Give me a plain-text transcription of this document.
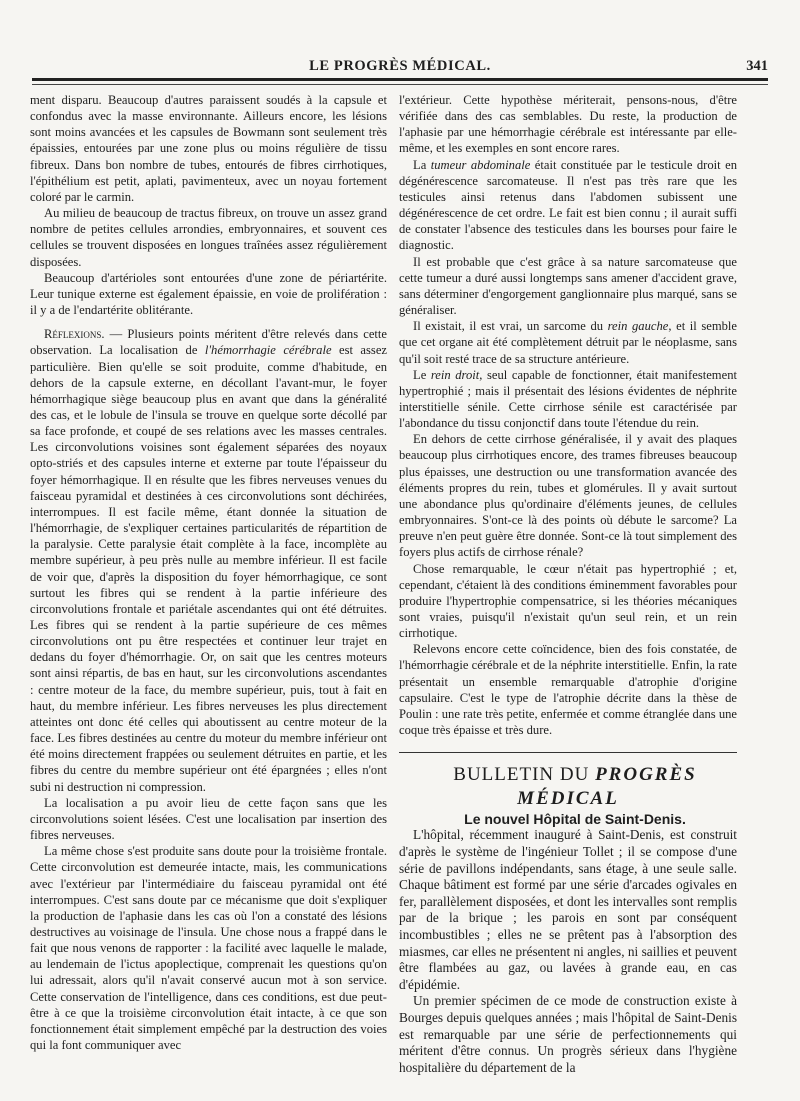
LE PROGRÈS MÉDICAL.	341

ment disparu. Beaucoup d'autres paraissent soudés à la capsule et confondus avec la masse environnante. Ailleurs encore, les lésions sont moins avancées et les capsules de Bowmann sont seulement très épaissies, entourées par une zone plus ou moins régulière de tissu fibreux. Dans bon nombre de tubes, entourés de fibres cirrhotiques, l'épithélium est petit, aplati, pavimenteux, avec un noyau fortement coloré par le carmin.

Au milieu de beaucoup de tractus fibreux, on trouve un assez grand nombre de petites cellules arrondies, embryonnaires, et souvent ces cellules se trouvent disposées en longues traînées assez régulièrement disposées.

Beaucoup d'artérioles sont entourées d'une zone de périartérite. Leur tunique externe est également épaissie, en voie de prolifération : il y a de l'endartérite oblitérante.

Réflexions. — Plusieurs points méritent d'être relevés dans cette observation. La localisation de l'hémorrhagie cérébrale est assez particulière. Bien qu'elle se soit produite, comme d'habitude, en dehors de la capsule externe, en décollant l'avant-mur, le foyer hémorrhagique siège beaucoup plus en avant que dans la généralité des cas, et le lobule de l'insula se trouve en quelque sorte décollé par sa face profonde, et coupé de ses relations avec les masses centrales. Les circonvolutions voisines sont également séparées des noyaux opto-striés et des capsules interne et externe par toute l'épaisseur du foyer hémorrhagique. Il en résulte que les fibres nerveuses venues du faisceau pyramidal et destinées à ces circonvolutions sont déchirées, interrompues. Il est facile même, étant donnée la situation de l'hémorrhagie, de s'expliquer certaines particularités de répartition de la paralysie. Cette paralysie était complète à la face, incomplète au membre supérieur, à peu près nulle au membre inférieur. Il est facile de voir que, d'après la disposition du foyer hémorrhagique, ce sont surtout les fibres qui se rendent à la partie inférieure des circonvolutions frontale et pariétale ascendantes qui ont été détruites. Les fibres qui se rendent à la partie supérieure de ces mêmes circonvolutions ont pu être respectées et continuer leur trajet en dedans du foyer d'hémorrhagie. Or, on sait que les centres moteurs sont ainsi répartis, de bas en haut, sur les circonvolutions ascendantes : centre moteur de la face, du membre supérieur, puis, tout à fait en haut, du membre inférieur. Les fibres nerveuses les plus directement atteintes ont donc été celles qui aboutissent au centre moteur de la face. Les fibres destinées au centre du moteur du membre inférieur ont été moins directement frappées ou seulement détruites en partie, et les fibres du centre du membre supérieur ont été épargnées ; elles n'ont subi ni destruction ni compression.

La localisation a pu avoir lieu de cette façon sans que les circonvolutions soient lésées. C'est une localisation par insertion des fibres nerveuses.

La même chose s'est produite sans doute pour la troisième frontale. Cette circonvolution est demeurée intacte, mais, les communications avec l'extérieur par l'intermédiaire du faisceau pyramidal ont été interrompues. C'est sans doute par ce mécanisme que doit s'expliquer la production de l'aphasie dans les cas où l'on a constaté des lésions destructives au voisinage de l'insula. Une chose nous a frappé dans le fait que nous venons de rapporter : la facilité avec laquelle le malade, au lendemain de l'ictus apoplectique, comprenait les questions qu'on lui adressait, alors qu'il n'avait conservé aucun mot à son service. Cette conservation de l'intelligence, dans ces conditions, est due peut-être à ce que la troisième circonvolution était intacte, à ce que son fonctionnement était simplement empêché par la destruction des voies qui la font communiquer avec

l'extérieur. Cette hypothèse mériterait, pensons-nous, d'être vérifiée dans des cas semblables. Du reste, la production de l'aphasie par une hémorrhagie cérébrale est intéressante par elle-même, et les exemples en sont encore rares.

La tumeur abdominale était constituée par le testicule droit en dégénérescence sarcomateuse. Il n'est pas très rare que les testicules ainsi retenus dans l'abdomen subissent une dégénérescence de cet ordre. Le fait est bien connu ; il aurait suffi de constater l'absence des testicules dans les bourses pour faire le diagnostic.

Il est probable que c'est grâce à sa nature sarcomateuse que cette tumeur a duré aussi longtemps sans amener d'accident grave, sans déterminer d'engorgement ganglionnaire plus marqué, sans se généraliser.

Il existait, il est vrai, un sarcome du rein gauche, et il semble que cet organe ait été complètement détruit par le néoplasme, sans qu'il soit resté trace de sa structure antérieure.

Le rein droit, seul capable de fonctionner, était manifestement hypertrophié ; mais il présentait des lésions évidentes de néphrite interstitielle sénile. Cette cirrhose sénile est caractérisée par l'abondance du tissu conjonctif dans toute l'étendue du rein.

En dehors de cette cirrhose généralisée, il y avait des plaques beaucoup plus cirrhotiques encore, des trames fibreuses beaucoup plus épaisses, une destruction ou une transformation avancée des éléments propres du rein, tubes et glomérules. Il y avait surtout une abondance plus qu'ordinaire d'éléments jeunes, de cellules embryonnaires. S'ont-ce là des points où débute le sarcome? La preuve n'en peut guère être donnée. Sont-ce là tout simplement des foyers plus actifs de cirrhose rénale?

Chose remarquable, le cœur n'était pas hypertrophié ; et, cependant, c'étaient là des conditions éminemment favorables pour produire l'hypertrophie compensatrice, si les théories mécaniques sont vraies, puisqu'il n'existait qu'un seul rein, et un rein cirrhotique.

Relevons encore cette coïncidence, bien des fois constatée, de l'hémorrhagie cérébrale et de la néphrite interstitielle. Enfin, la rate présentait un ensemble remarquable d'atrophie d'origine capsulaire. C'est le type de l'atrophie décrite dans la thèse de Poulin : une rate très petite, enfermée et comme étranglée dans une coque très épaisse et très dure.

BULLETIN DU PROGRÈS MÉDICAL

Le nouvel Hôpital de Saint-Denis.

L'hôpital, récemment inauguré à Saint-Denis, est construit d'après le système de l'ingénieur Tollet ; il se compose d'une série de pavillons indépendants, sans étage, à une seule salle. Chaque bâtiment est formé par une série d'arcades ogivales en fer, parallèlement disposées, et dont les intervalles sont remplis par de la brique ; les parois en sont par conséquent incombustibles ; elles ne se prêtent pas à l'absorption des miasmes, car elles ne présentent ni angles, ni saillies et peuvent être flambées au gaz, ou lavées à grande eau, en cas d'épidémie.

Un premier spécimen de ce mode de construction existe à Bourges depuis quelques années ; mais l'hôpital de Saint-Denis est remarquable par une série de perfectionnements qui méritent d'être connus. Un progrès sérieux dans l'hygiène hospitalière du département de la
